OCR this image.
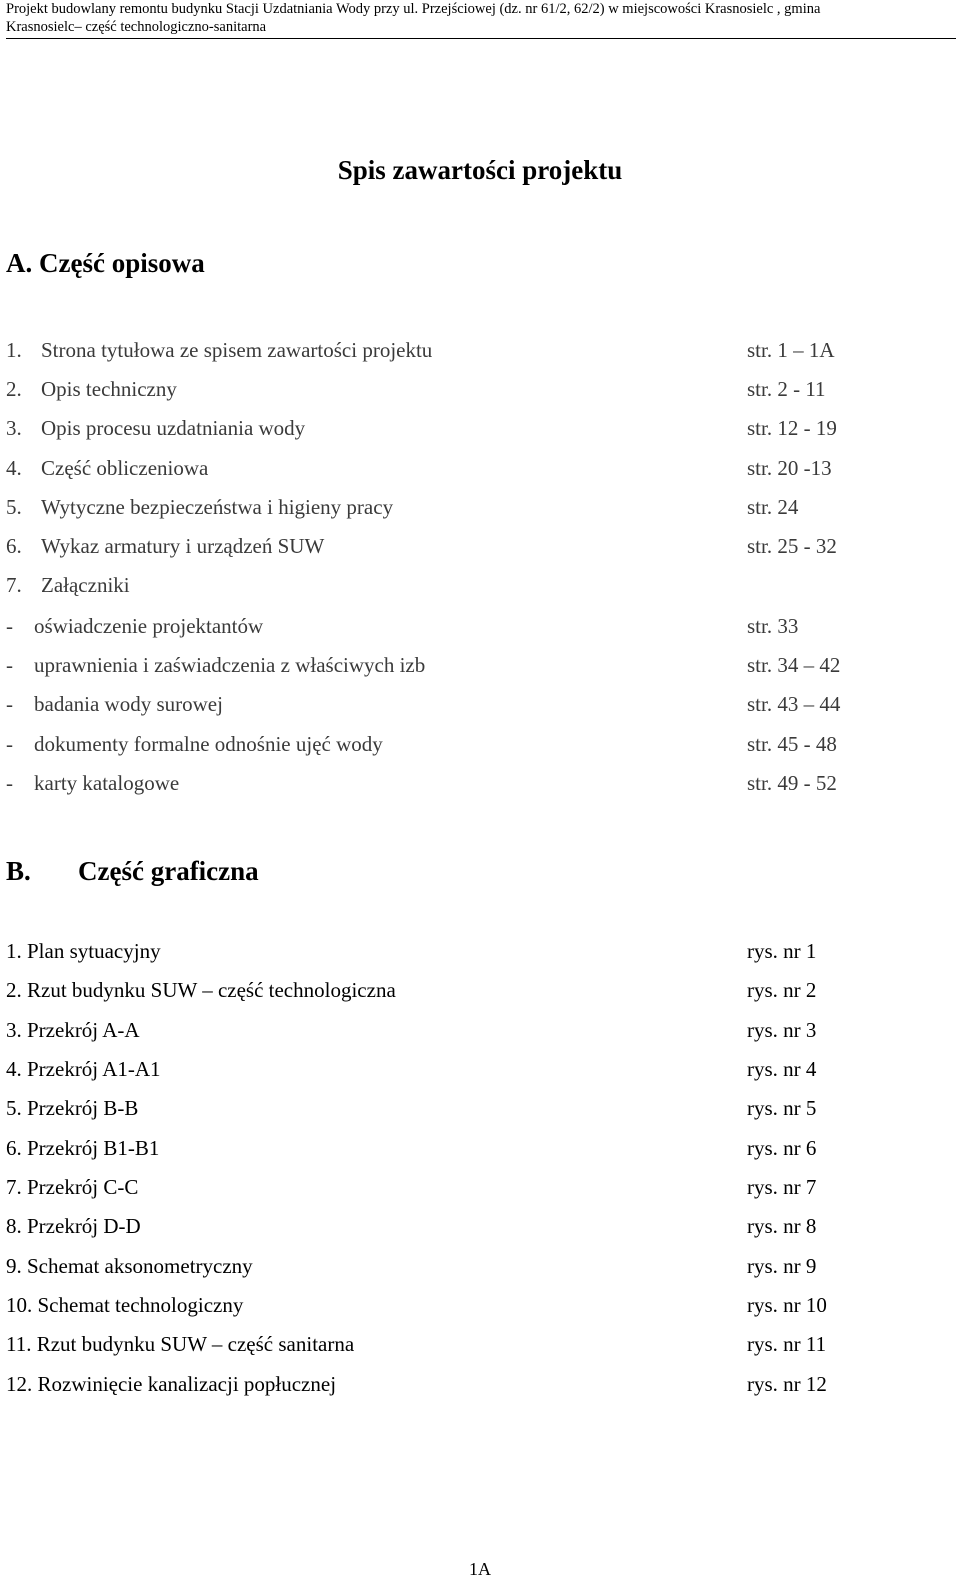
Projekt budowlany remontu budynku Stacji Uzdatniania Wody przy ul. Przejściowej (dz. nr 61/2, 62/2) w miejscowości Krasnosielc , gmina
Krasnosielc– część technologiczno-sanitarna
Spis zawartości projektu
A. Część opisowa
1. Strona tytułowa ze spisem zawartości projektu	str. 1 – 1A
2. Opis techniczny	str. 2 - 11
3. Opis procesu uzdatniania wody	str. 12 - 19
4. Część obliczeniowa	str. 20 -13
5. Wytyczne bezpieczeństwa i higieny pracy	str. 24
6. Wykaz armatury i urządzeń SUW	str. 25 - 32
7. Załączniki
- oświadczenie projektantów	str. 33
- uprawnienia i zaświadczenia z właściwych izb	str. 34 – 42
- badania wody surowej	str. 43 – 44
- dokumenty formalne odnośnie ujęć wody	str. 45 - 48
- karty katalogowe	str. 49 - 52
B. Część graficzna
1. Plan sytuacyjny	rys. nr 1
2. Rzut budynku SUW – część technologiczna	rys. nr 2
3. Przekrój A-A	rys. nr 3
4. Przekrój A1-A1	rys. nr 4
5. Przekrój B-B	rys. nr 5
6. Przekrój B1-B1	rys. nr 6
7. Przekrój C-C	rys. nr 7
8. Przekrój D-D	rys. nr 8
9. Schemat aksonometryczny	rys. nr 9
10. Schemat technologiczny	rys. nr 10
11. Rzut budynku SUW – część sanitarna	rys. nr 11
12. Rozwinięcie kanalizacji popłucznej	rys. nr 12
1A
